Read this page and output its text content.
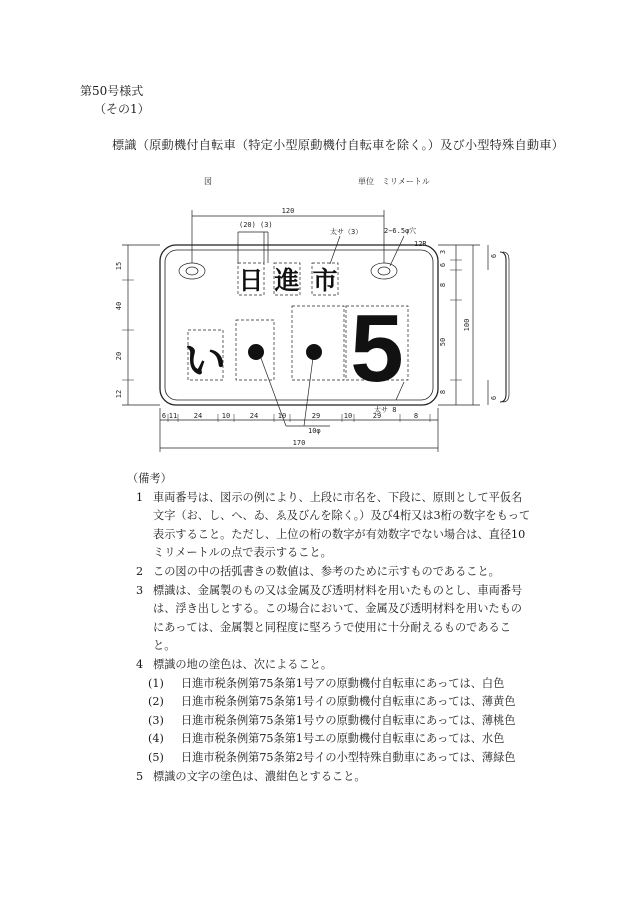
第50号様式
（その1）
標識（原動機付自転車（特定小型原動機付自転車を除く。）及び小型特殊自動車）
日 進 市
い 5
図	単位　ミリメートル
2−6.5φ穴
12R
太サ（3）
太サ 8
10φ
120
(20) (3)
170
6 11 24	10	24	10	29	10	29	8
15
40
20
12
3
6
8
50
8
100
6
6
（備考）
1 車両番号は、図示の例により、上段に市名を、下段に、原則として平仮名文字（お、し、へ、ゐ、ゑ及びんを除く。）及び4桁又は3桁の数字をもって表示すること。ただし、上位の桁の数字が有効数字でない場合は、直径10ミリメートルの点で表示すること。
2 この図の中の括弧書きの数値は、参考のために示すものであること。
3 標識は、金属製のもの又は金属及び透明材料を用いたものとし、車両番号は、浮き出しとする。この場合において、金属及び透明材料を用いたものにあっては、金属製と同程度に堅ろうで使用に十分耐えるものであること。
4 標識の地の塗色は、次によること。
(1) 日進市税条例第75条第1号アの原動機付自転車にあっては、白色
(2) 日進市税条例第75条第1号イの原動機付自転車にあっては、薄黄色
(3) 日進市税条例第75条第1号ウの原動機付自転車にあっては、薄桃色
(4) 日進市税条例第75条第1号エの原動機付自転車にあっては、水色
(5) 日進市税条例第75条第2号イの小型特殊自動車にあっては、薄緑色
5 標識の文字の塗色は、濃紺色とすること。
